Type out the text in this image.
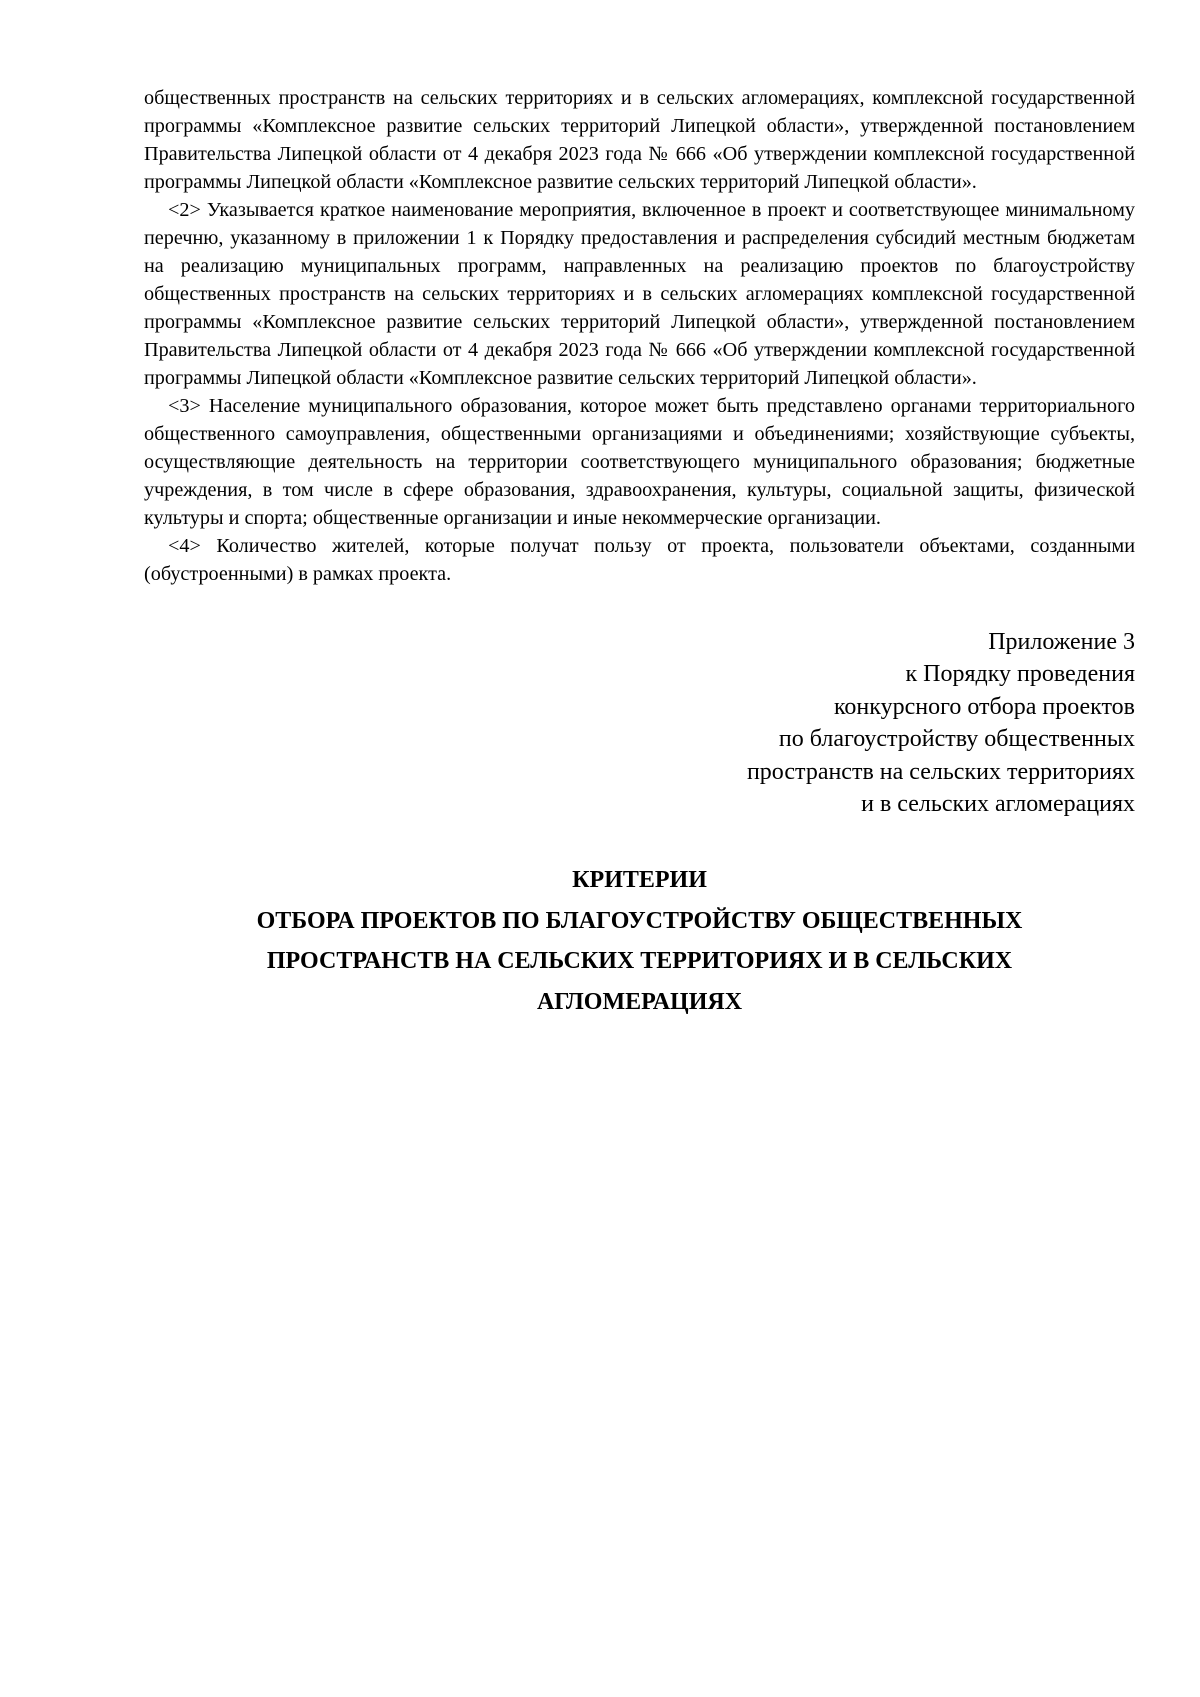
общественных пространств на сельских территориях и в сельских агломерациях, комплексной государственной программы «Комплексное развитие сельских территорий Липецкой области», утвержденной постановлением Правительства Липецкой области от 4 декабря 2023 года № 666 «Об утверждении комплексной государственной программы Липецкой области «Комплексное развитие сельских территорий Липецкой области».

<2> Указывается краткое наименование мероприятия, включенное в проект и соответствующее минимальному перечню, указанному в приложении 1 к Порядку предоставления и распределения субсидий местным бюджетам на реализацию муниципальных программ, направленных на реализацию проектов по благоустройству общественных пространств на сельских территориях и в сельских агломерациях комплексной государственной программы «Комплексное развитие сельских территорий Липецкой области», утвержденной постановлением Правительства Липецкой области от 4 декабря 2023 года № 666 «Об утверждении комплексной государственной программы Липецкой области «Комплексное развитие сельских территорий Липецкой области».

<3> Население муниципального образования, которое может быть представлено органами территориального общественного самоуправления, общественными организациями и объединениями; хозяйствующие субъекты, осуществляющие деятельность на территории соответствующего муниципального образования; бюджетные учреждения, в том числе в сфере образования, здравоохранения, культуры, социальной защиты, физической культуры и спорта; общественные организации и иные некоммерческие организации.

<4> Количество жителей, которые получат пользу от проекта, пользователи объектами, созданными (обустроенными) в рамках проекта.

Приложение 3
к Порядку проведения
конкурсного отбора проектов
по благоустройству общественных
пространств на сельских территориях
и в сельских агломерациях
КРИТЕРИИ
ОТБОРА ПРОЕКТОВ ПО БЛАГОУСТРОЙСТВУ ОБЩЕСТВЕННЫХ
ПРОСТРАНСТВ НА СЕЛЬСКИХ ТЕРРИТОРИЯХ И В СЕЛЬСКИХ
АГЛОМЕРАЦИЯХ
